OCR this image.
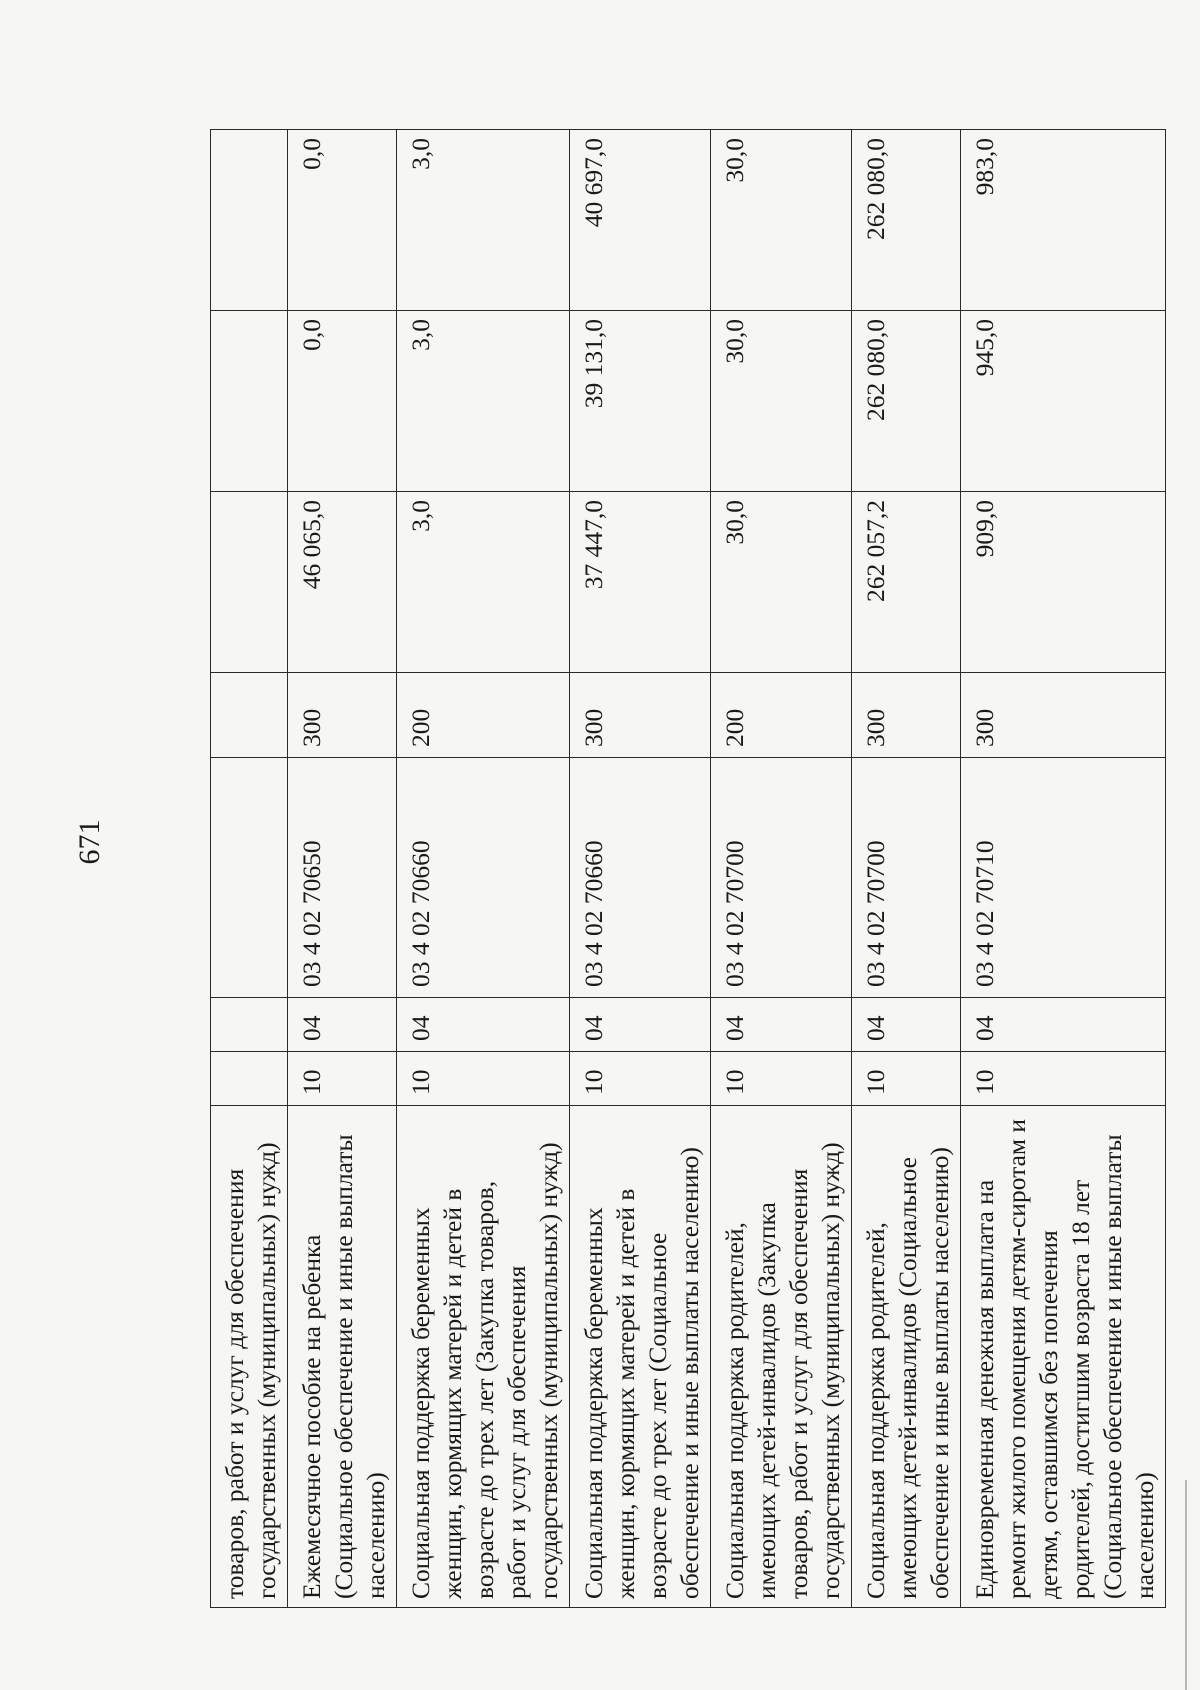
671
товаров, работ и услуг для обеспечения государственных (муниципальных) нужд)							
Ежемесячное пособие на ребенка (Социальное обеспечение и иные выплаты населению)	10	04	03 4 02 70650	300	46 065,0	0,0	0,0
Социальная поддержка беременных женщин, кормящих матерей и детей в возрасте до трех лет (Закупка товаров, работ и услуг для обеспечения государственных (муниципальных) нужд)	10	04	03 4 02 70660	200	3,0	3,0	3,0
Социальная поддержка беременных женщин, кормящих матерей и детей в возрасте до трех лет (Социальное обеспечение и иные выплаты населению)	10	04	03 4 02 70660	300	37 447,0	39 131,0	40 697,0
Социальная поддержка родителей, имеющих детей-инвалидов (Закупка товаров, работ и услуг для обеспечения государственных (муниципальных) нужд)	10	04	03 4 02 70700	200	30,0	30,0	30,0
Социальная поддержка родителей, имеющих детей-инвалидов (Социальное обеспечение и иные выплаты населению)	10	04	03 4 02 70700	300	262 057,2	262 080,0	262 080,0
Единовременная денежная выплата на ремонт жилого помещения детям-сиротам и детям, оставшимся без попечения родителей, достигшим возраста 18 лет (Социальное обеспечение и иные выплаты населению)	10	04	03 4 02 70710	300	909,0	945,0	983,0
